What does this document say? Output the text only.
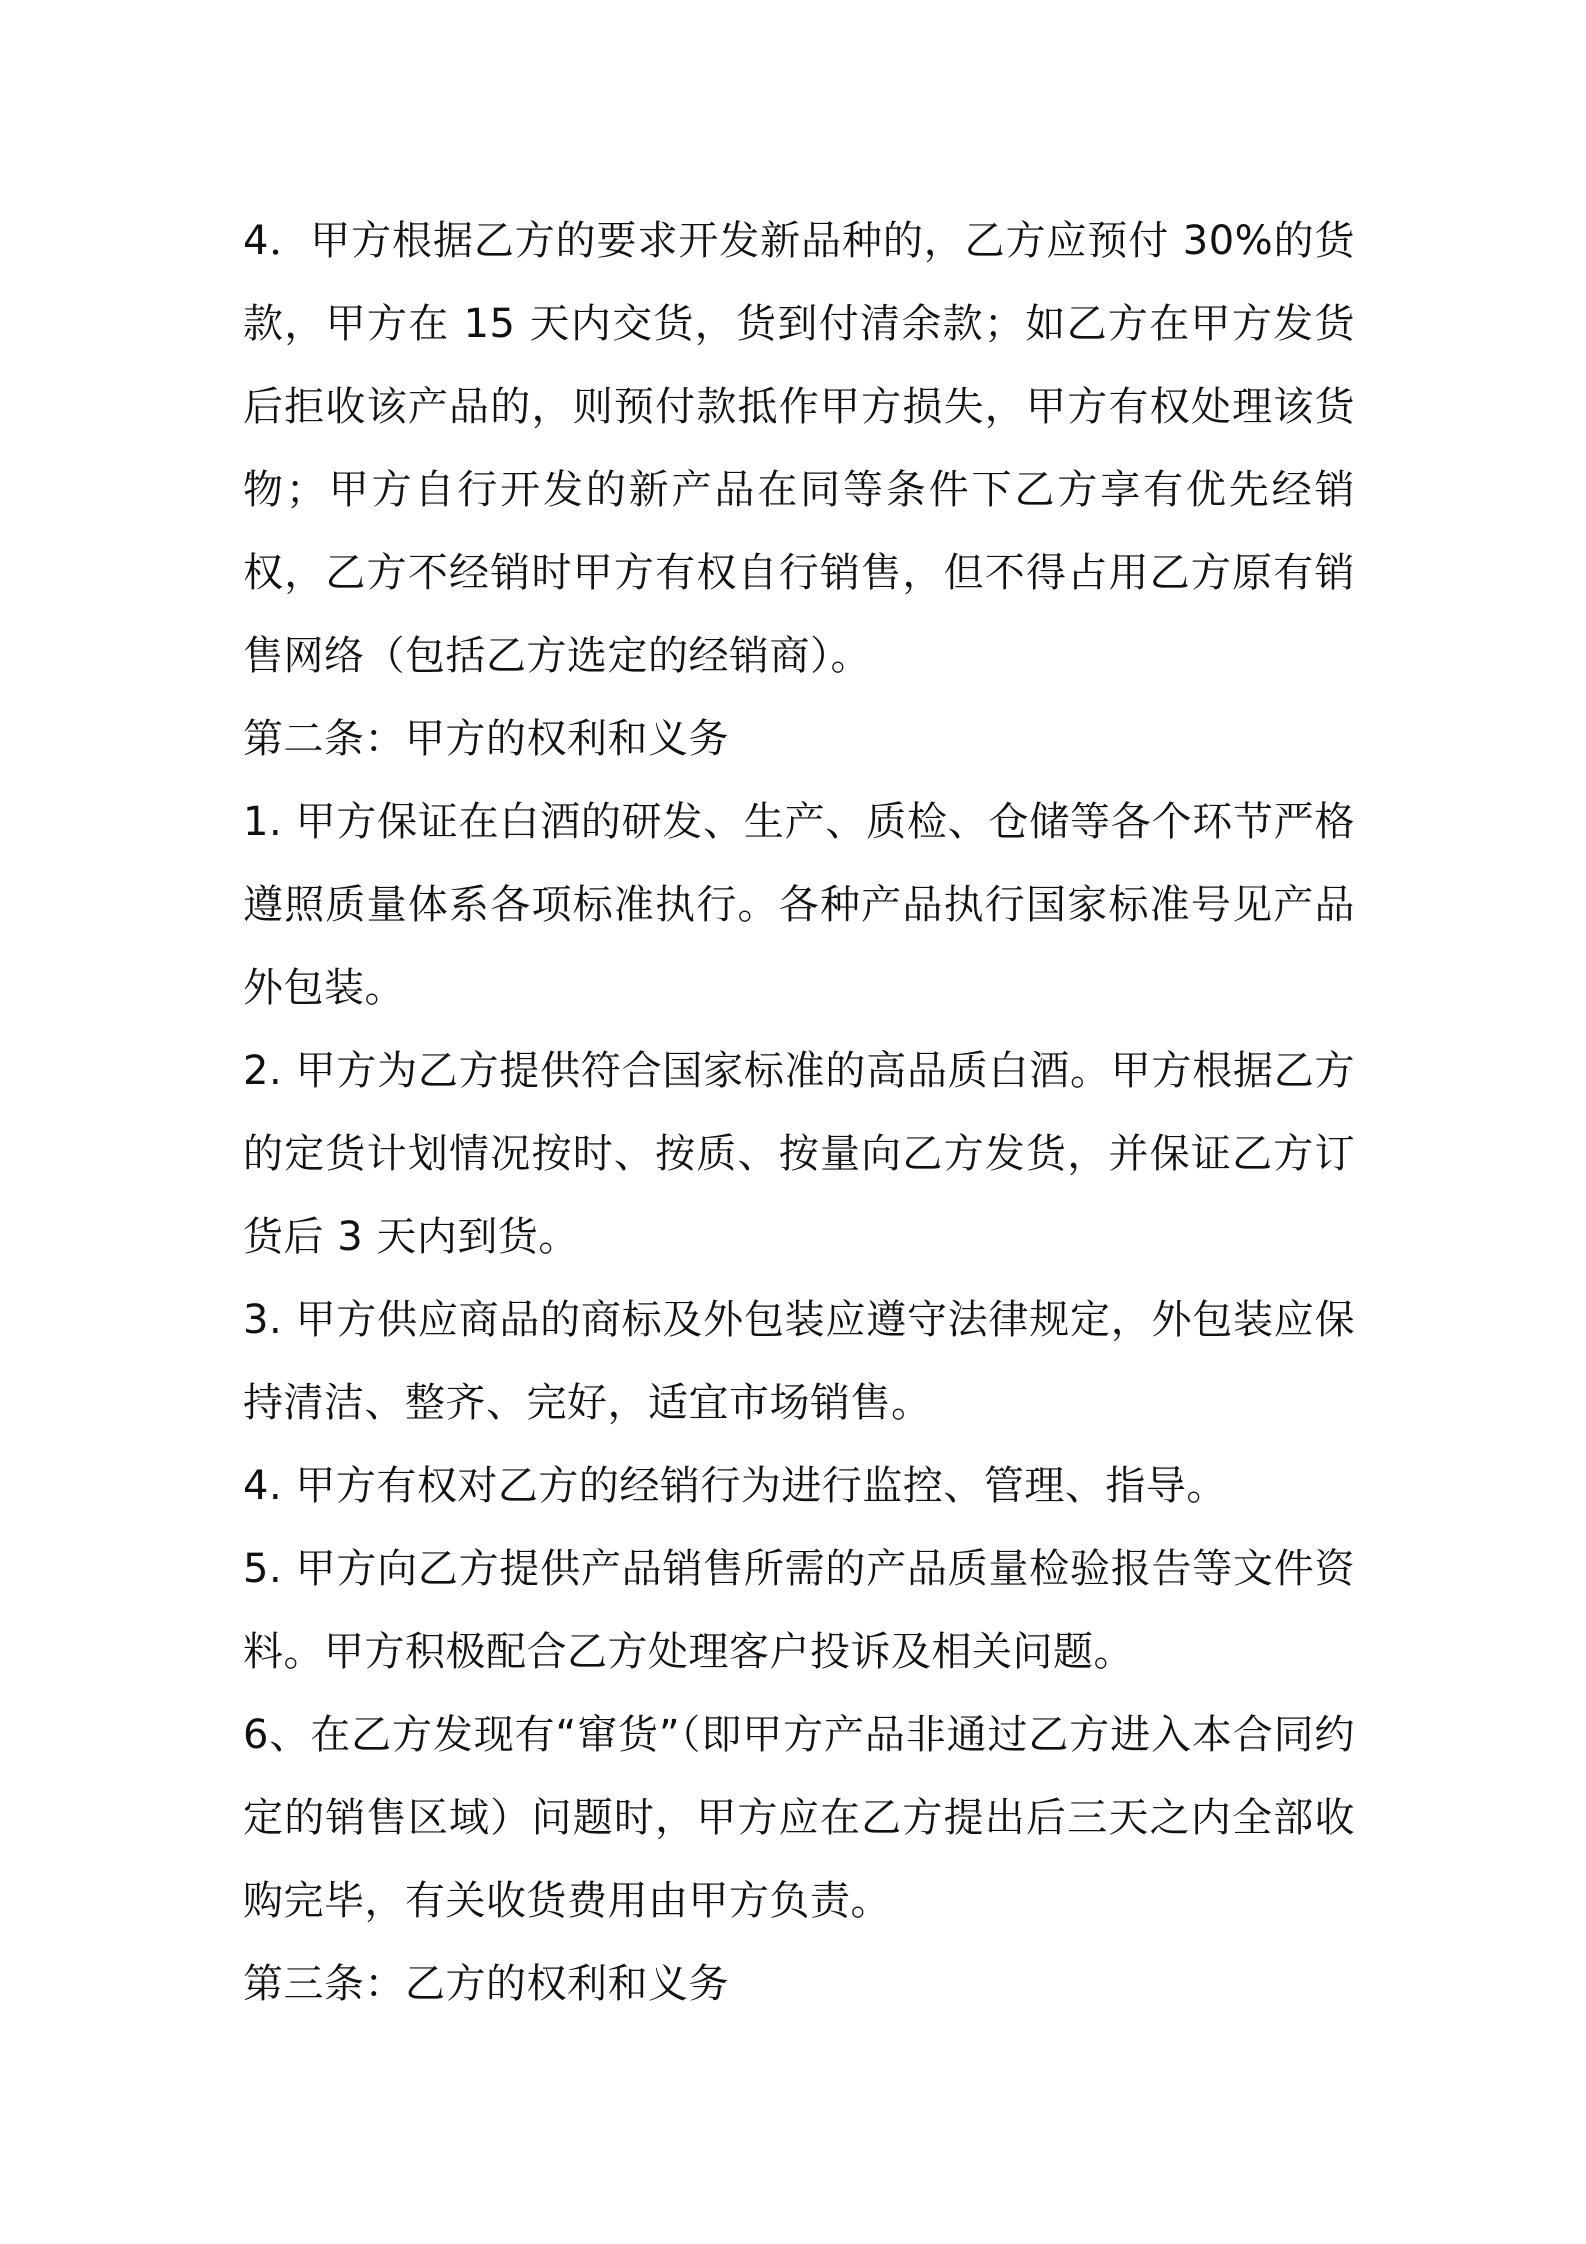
4．甲方根据乙方的要求开发新品种的，乙方应预付 30%的货款，甲方在 15 天内交货，货到付清余款；如乙方在甲方发货后拒收该产品的，则预付款抵作甲方损失，甲方有权处理该货物；甲方自行开发的新产品在同等条件下乙方享有优先经销权，乙方不经销时甲方有权自行销售，但不得占用乙方原有销售网络（包括乙方选定的经销商）。

第二条：甲方的权利和义务

1. 甲方保证在白酒的研发、生产、质检、仓储等各个环节严格遵照质量体系各项标准执行。各种产品执行国家标准号见产品外包装。

2. 甲方为乙方提供符合国家标准的高品质白酒。甲方根据乙方的定货计划情况按时、按质、按量向乙方发货，并保证乙方订货后 3 天内到货。

3. 甲方供应商品的商标及外包装应遵守法律规定，外包装应保持清洁、整齐、完好，适宜市场销售。

4. 甲方有权对乙方的经销行为进行监控、管理、指导。

5. 甲方向乙方提供产品销售所需的产品质量检验报告等文件资料。甲方积极配合乙方处理客户投诉及相关问题。

6、在乙方发现有“窜货”（即甲方产品非通过乙方进入本合同约定的销售区域）问题时，甲方应在乙方提出后三天之内全部收购完毕，有关收货费用由甲方负责。

第三条：乙方的权利和义务
